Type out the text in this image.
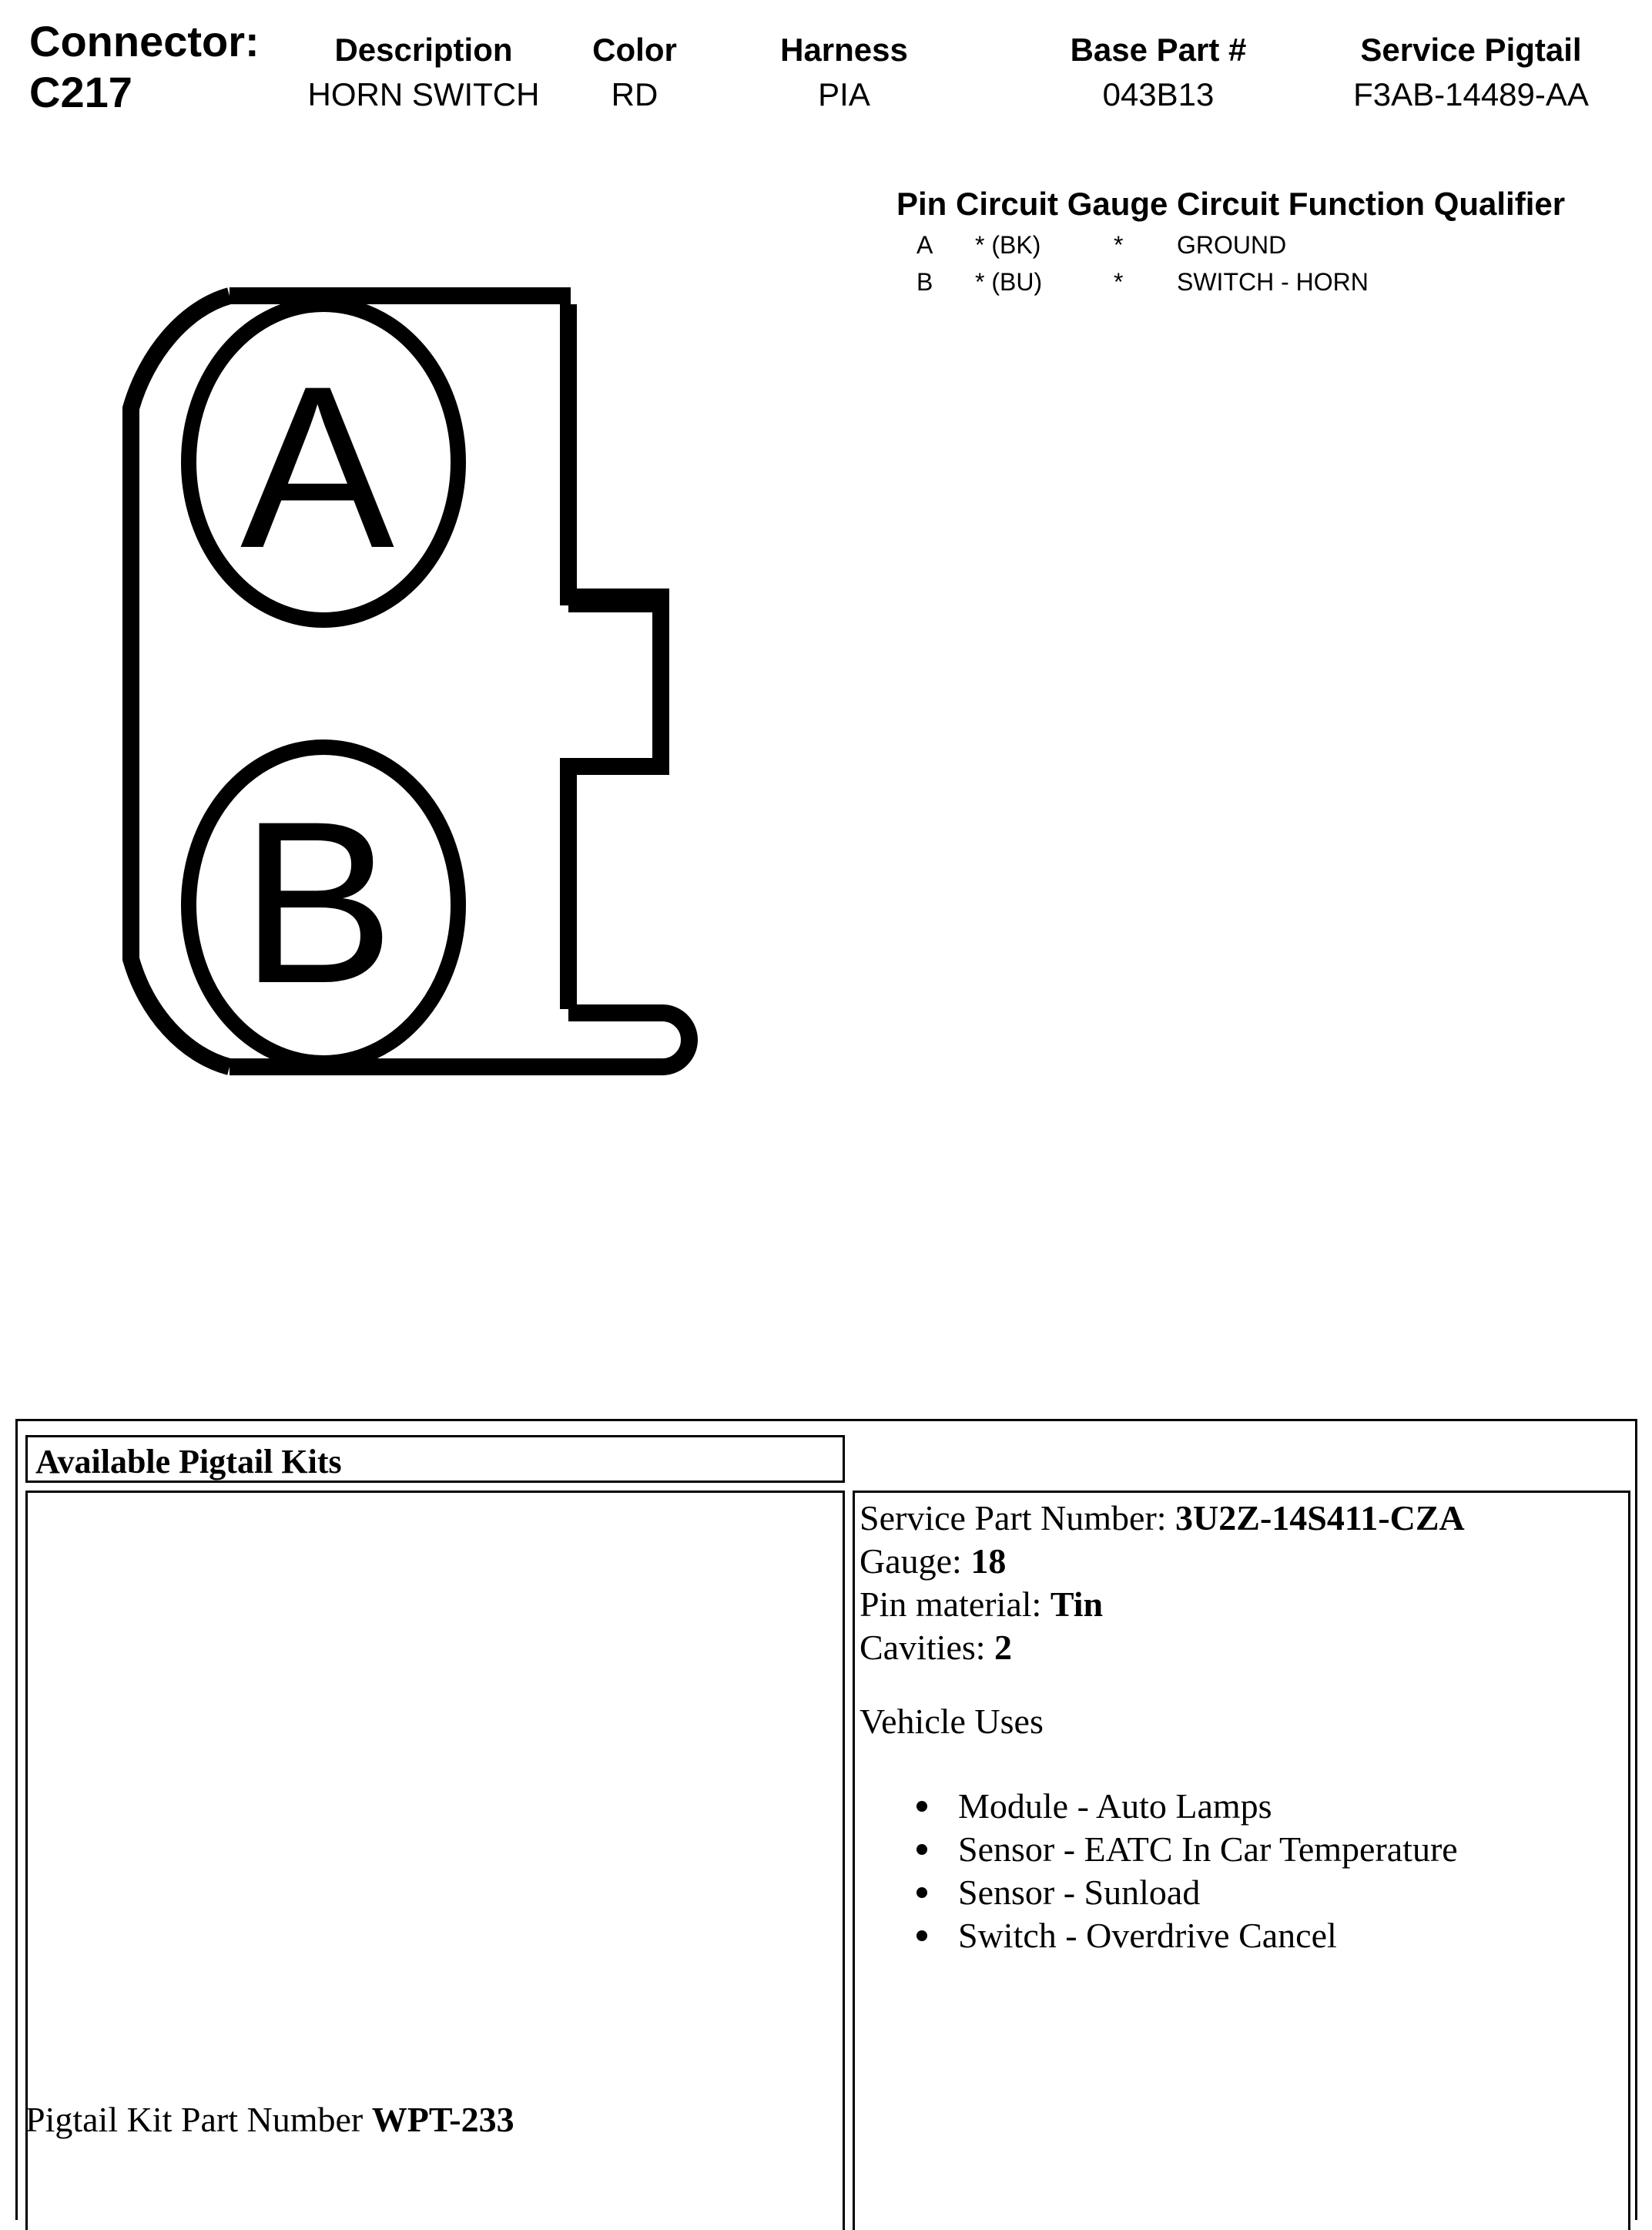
Connector:
C217
Description
HORN SWITCH
Color
RD
Harness
PIA
Base Part #
043B13
Service Pigtail
F3AB-14489-AA
Pin Circuit Gauge Circuit Function Qualifier
A * (BK)	* GROUND
B * (BU)	* SWITCH - HORN
A
B
Available Pigtail Kits
Service Part Number: 3U2Z-14S411-CZA
Gauge: 18
Pin material: Tin
Cavities: 2
Vehicle Uses
Module - Auto Lamps
Sensor - EATC In Car Temperature
Sensor - Sunload
Switch - Overdrive Cancel
Pigtail Kit Part Number WPT-233
